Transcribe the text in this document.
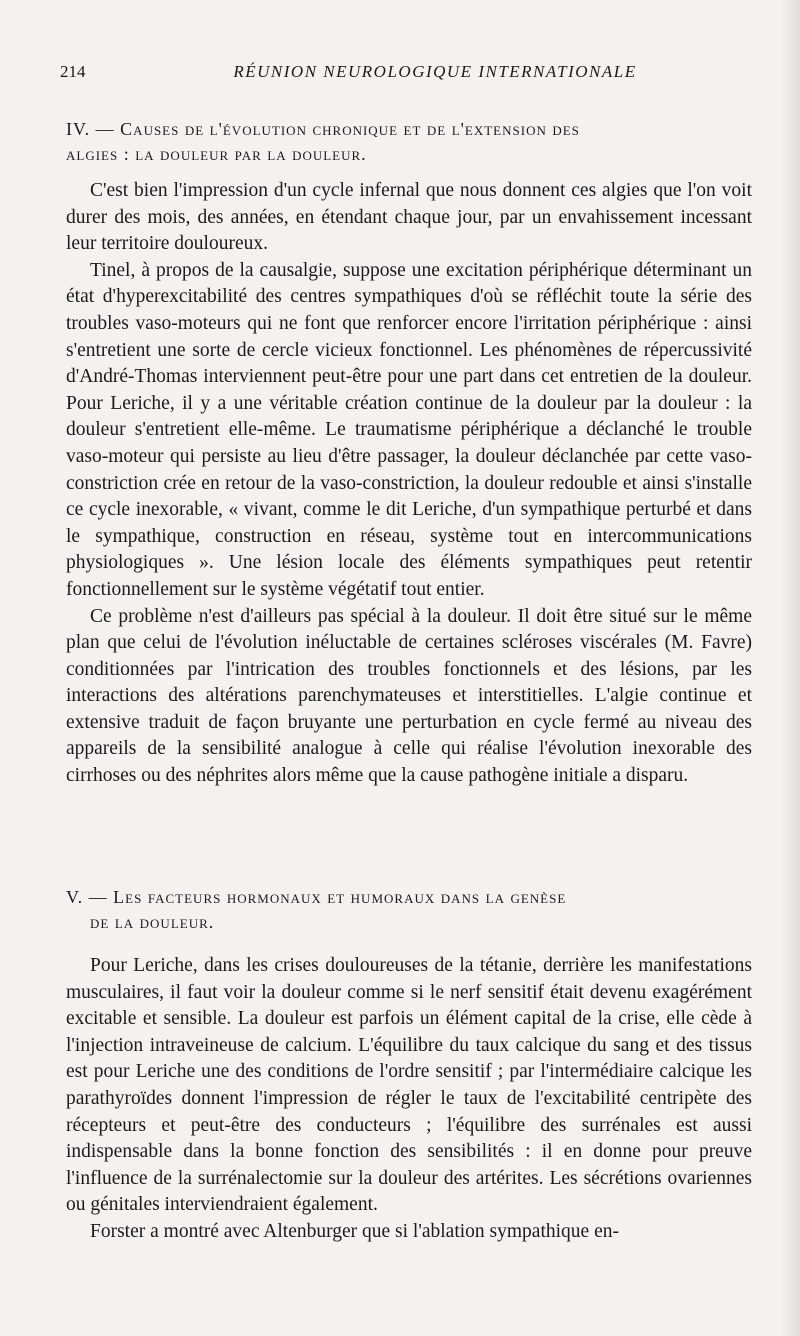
214	RÉUNION NEUROLOGIQUE INTERNATIONALE
IV. — Causes de l'évolution chronique et de l'extension des
algies : la douleur par la douleur.

C'est bien l'impression d'un cycle infernal que nous donnent ces algies que l'on voit durer des mois, des années, en étendant chaque jour, par un envahissement incessant leur territoire douloureux.

Tinel, à propos de la causalgie, suppose une excitation périphérique déterminant un état d'hyperexcitabilité des centres sympathiques d'où se réfléchit toute la série des troubles vaso-moteurs qui ne font que renforcer encore l'irritation périphérique : ainsi s'entretient une sorte de cercle vicieux fonctionnel. Les phénomènes de répercussivité d'André-Thomas interviennent peut-être pour une part dans cet entretien de la douleur. Pour Leriche, il y a une véritable création continue de la douleur par la douleur : la douleur s'entretient elle-même. Le traumatisme périphérique a déclanché le trouble vaso-moteur qui persiste au lieu d'être passager, la douleur déclanchée par cette vaso-constriction crée en retour de la vaso-constriction, la douleur redouble et ainsi s'installe ce cycle inexorable, « vivant, comme le dit Leriche, d'un sympathique perturbé et dans le sympathique, construction en réseau, système tout en intercommunications physiologiques ». Une lésion locale des éléments sympathiques peut retentir fonctionnellement sur le système végétatif tout entier.

Ce problème n'est d'ailleurs pas spécial à la douleur. Il doit être situé sur le même plan que celui de l'évolution inéluctable de certaines scléroses viscérales (M. Favre) conditionnées par l'intrication des troubles fonctionnels et des lésions, par les interactions des altérations parenchymateuses et interstitielles. L'algie continue et extensive traduit de façon bruyante une perturbation en cycle fermé au niveau des appareils de la sensibilité analogue à celle qui réalise l'évolution inexorable des cirrhoses ou des néphrites alors même que la cause pathogène initiale a disparu.

V. — Les facteurs hormonaux et humoraux dans la genèse
de la douleur.

Pour Leriche, dans les crises douloureuses de la tétanie, derrière les manifestations musculaires, il faut voir la douleur comme si le nerf sensitif était devenu exagérément excitable et sensible. La douleur est parfois un élément capital de la crise, elle cède à l'injection intraveineuse de calcium. L'équilibre du taux calcique du sang et des tissus est pour Leriche une des conditions de l'ordre sensitif ; par l'intermédiaire calcique les parathyroïdes donnent l'impression de régler le taux de l'excitabilité centripète des récepteurs et peut-être des conducteurs ; l'équilibre des surrénales est aussi indispensable dans la bonne fonction des sensibilités : il en donne pour preuve l'influence de la surrénalectomie sur la douleur des artérites. Les sécrétions ovariennes ou génitales interviendraient également.

Forster a montré avec Altenburger que si l'ablation sympathique en-
